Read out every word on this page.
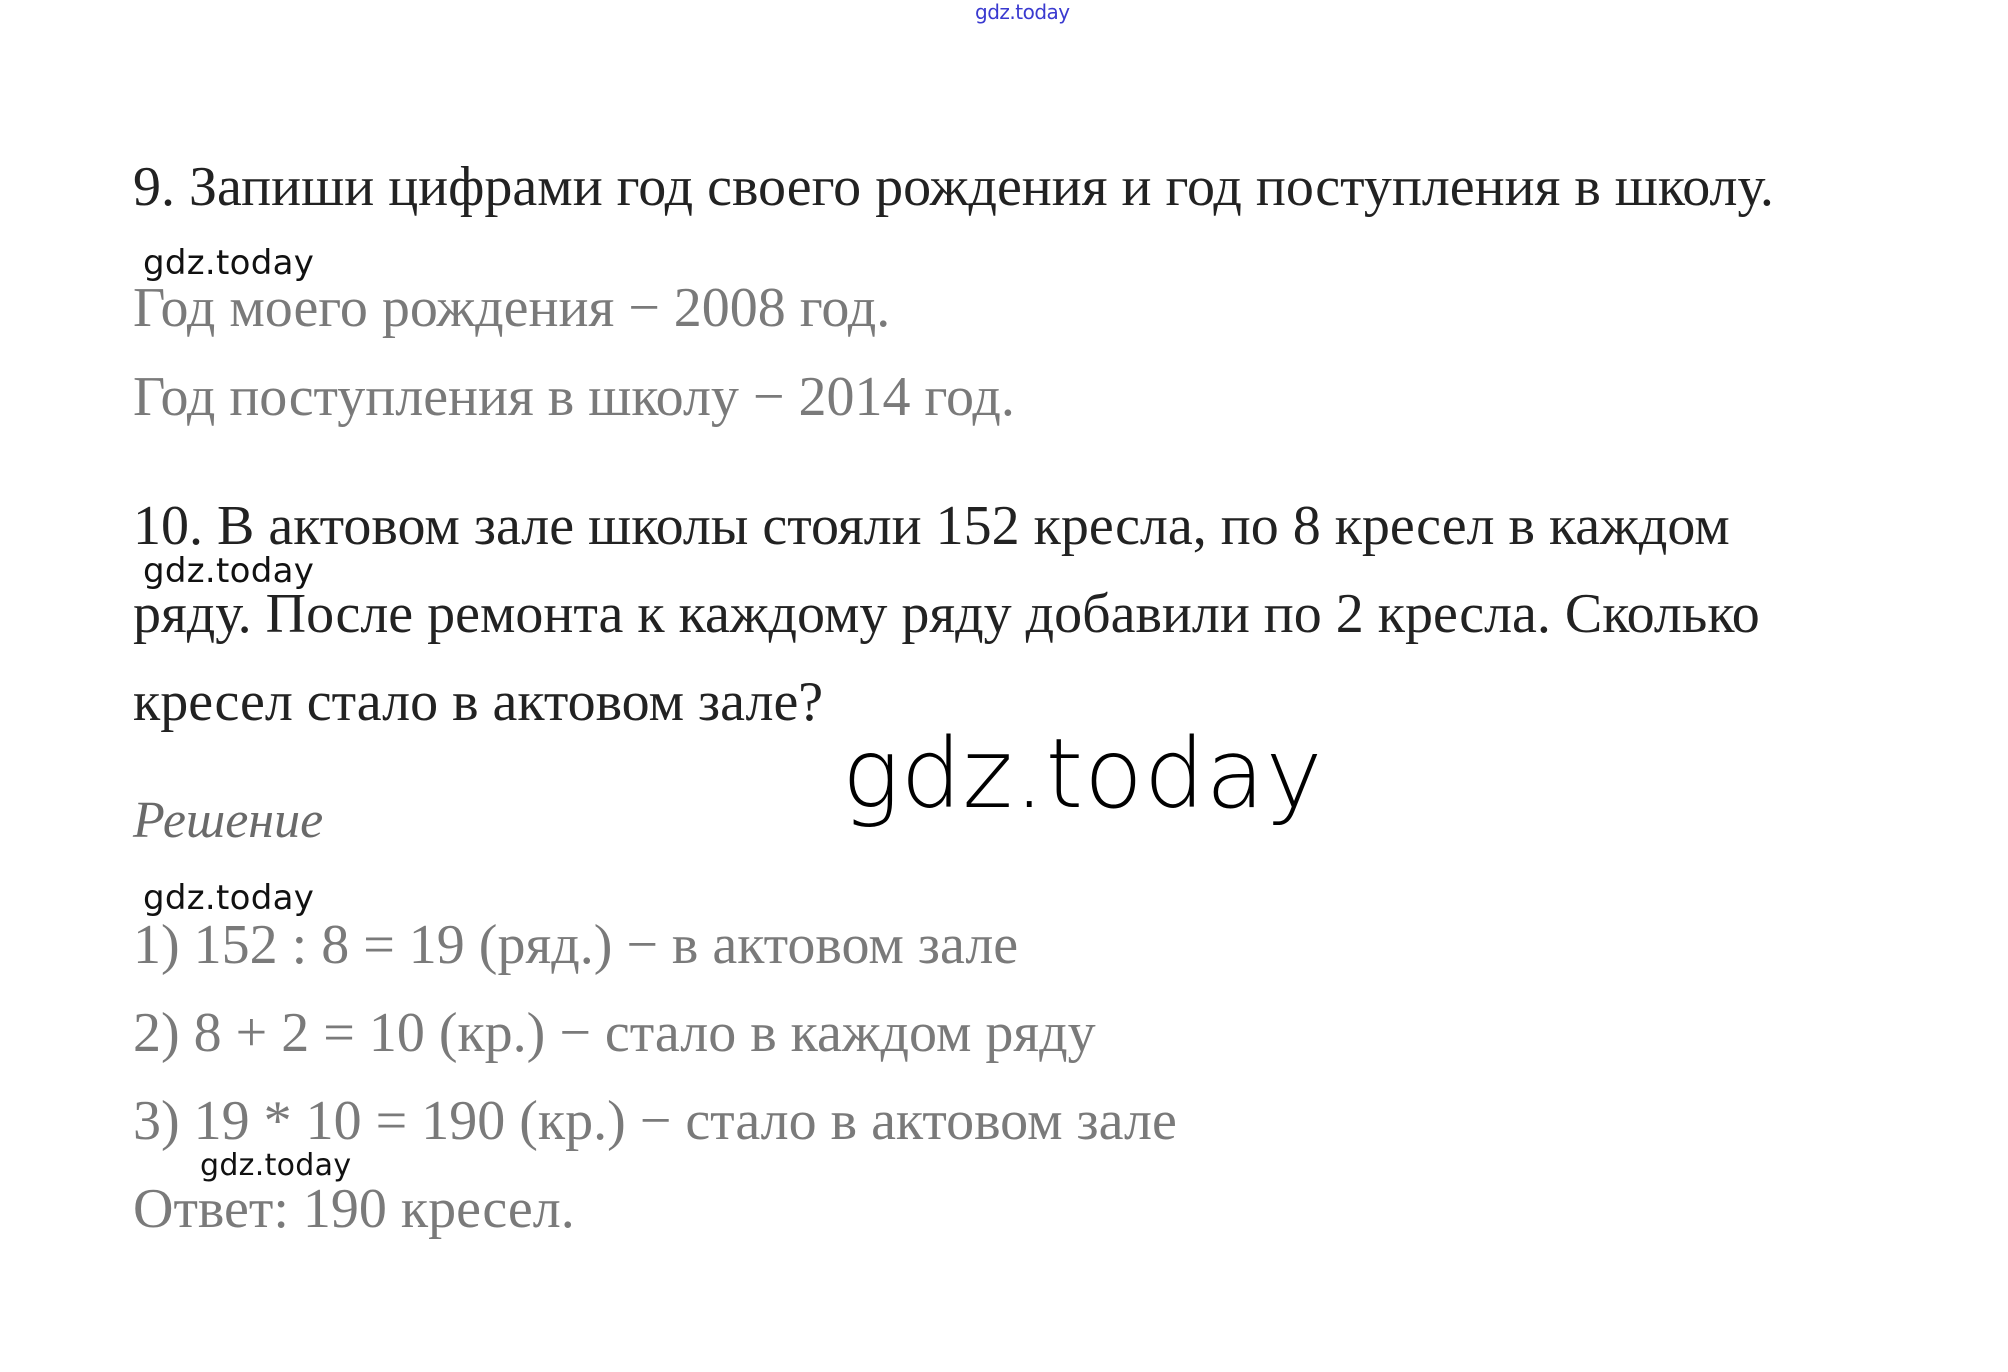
gdz.today
gdz.today
gdz.today
gdz.today
gdz.today
gdz.today
9. Запиши цифрами год своего рождения и год поступления в школу.
Год моего рождения − 2008 год.
Год поступления в школу − 2014 год.
10. В актовом зале школы стояли 152 кресла, по 8 кресел в каждом
ряду. После ремонта к каждому ряду добавили по 2 кресла. Сколько
кресел стало в актовом зале?
Решение
1) 152 : 8 = 19 (ряд.) − в актовом зале
2) 8 + 2 = 10 (кр.) − стало в каждом ряду
3) 19 * 10 = 190 (кр.) − стало в актовом зале
Ответ: 190 кресел.
